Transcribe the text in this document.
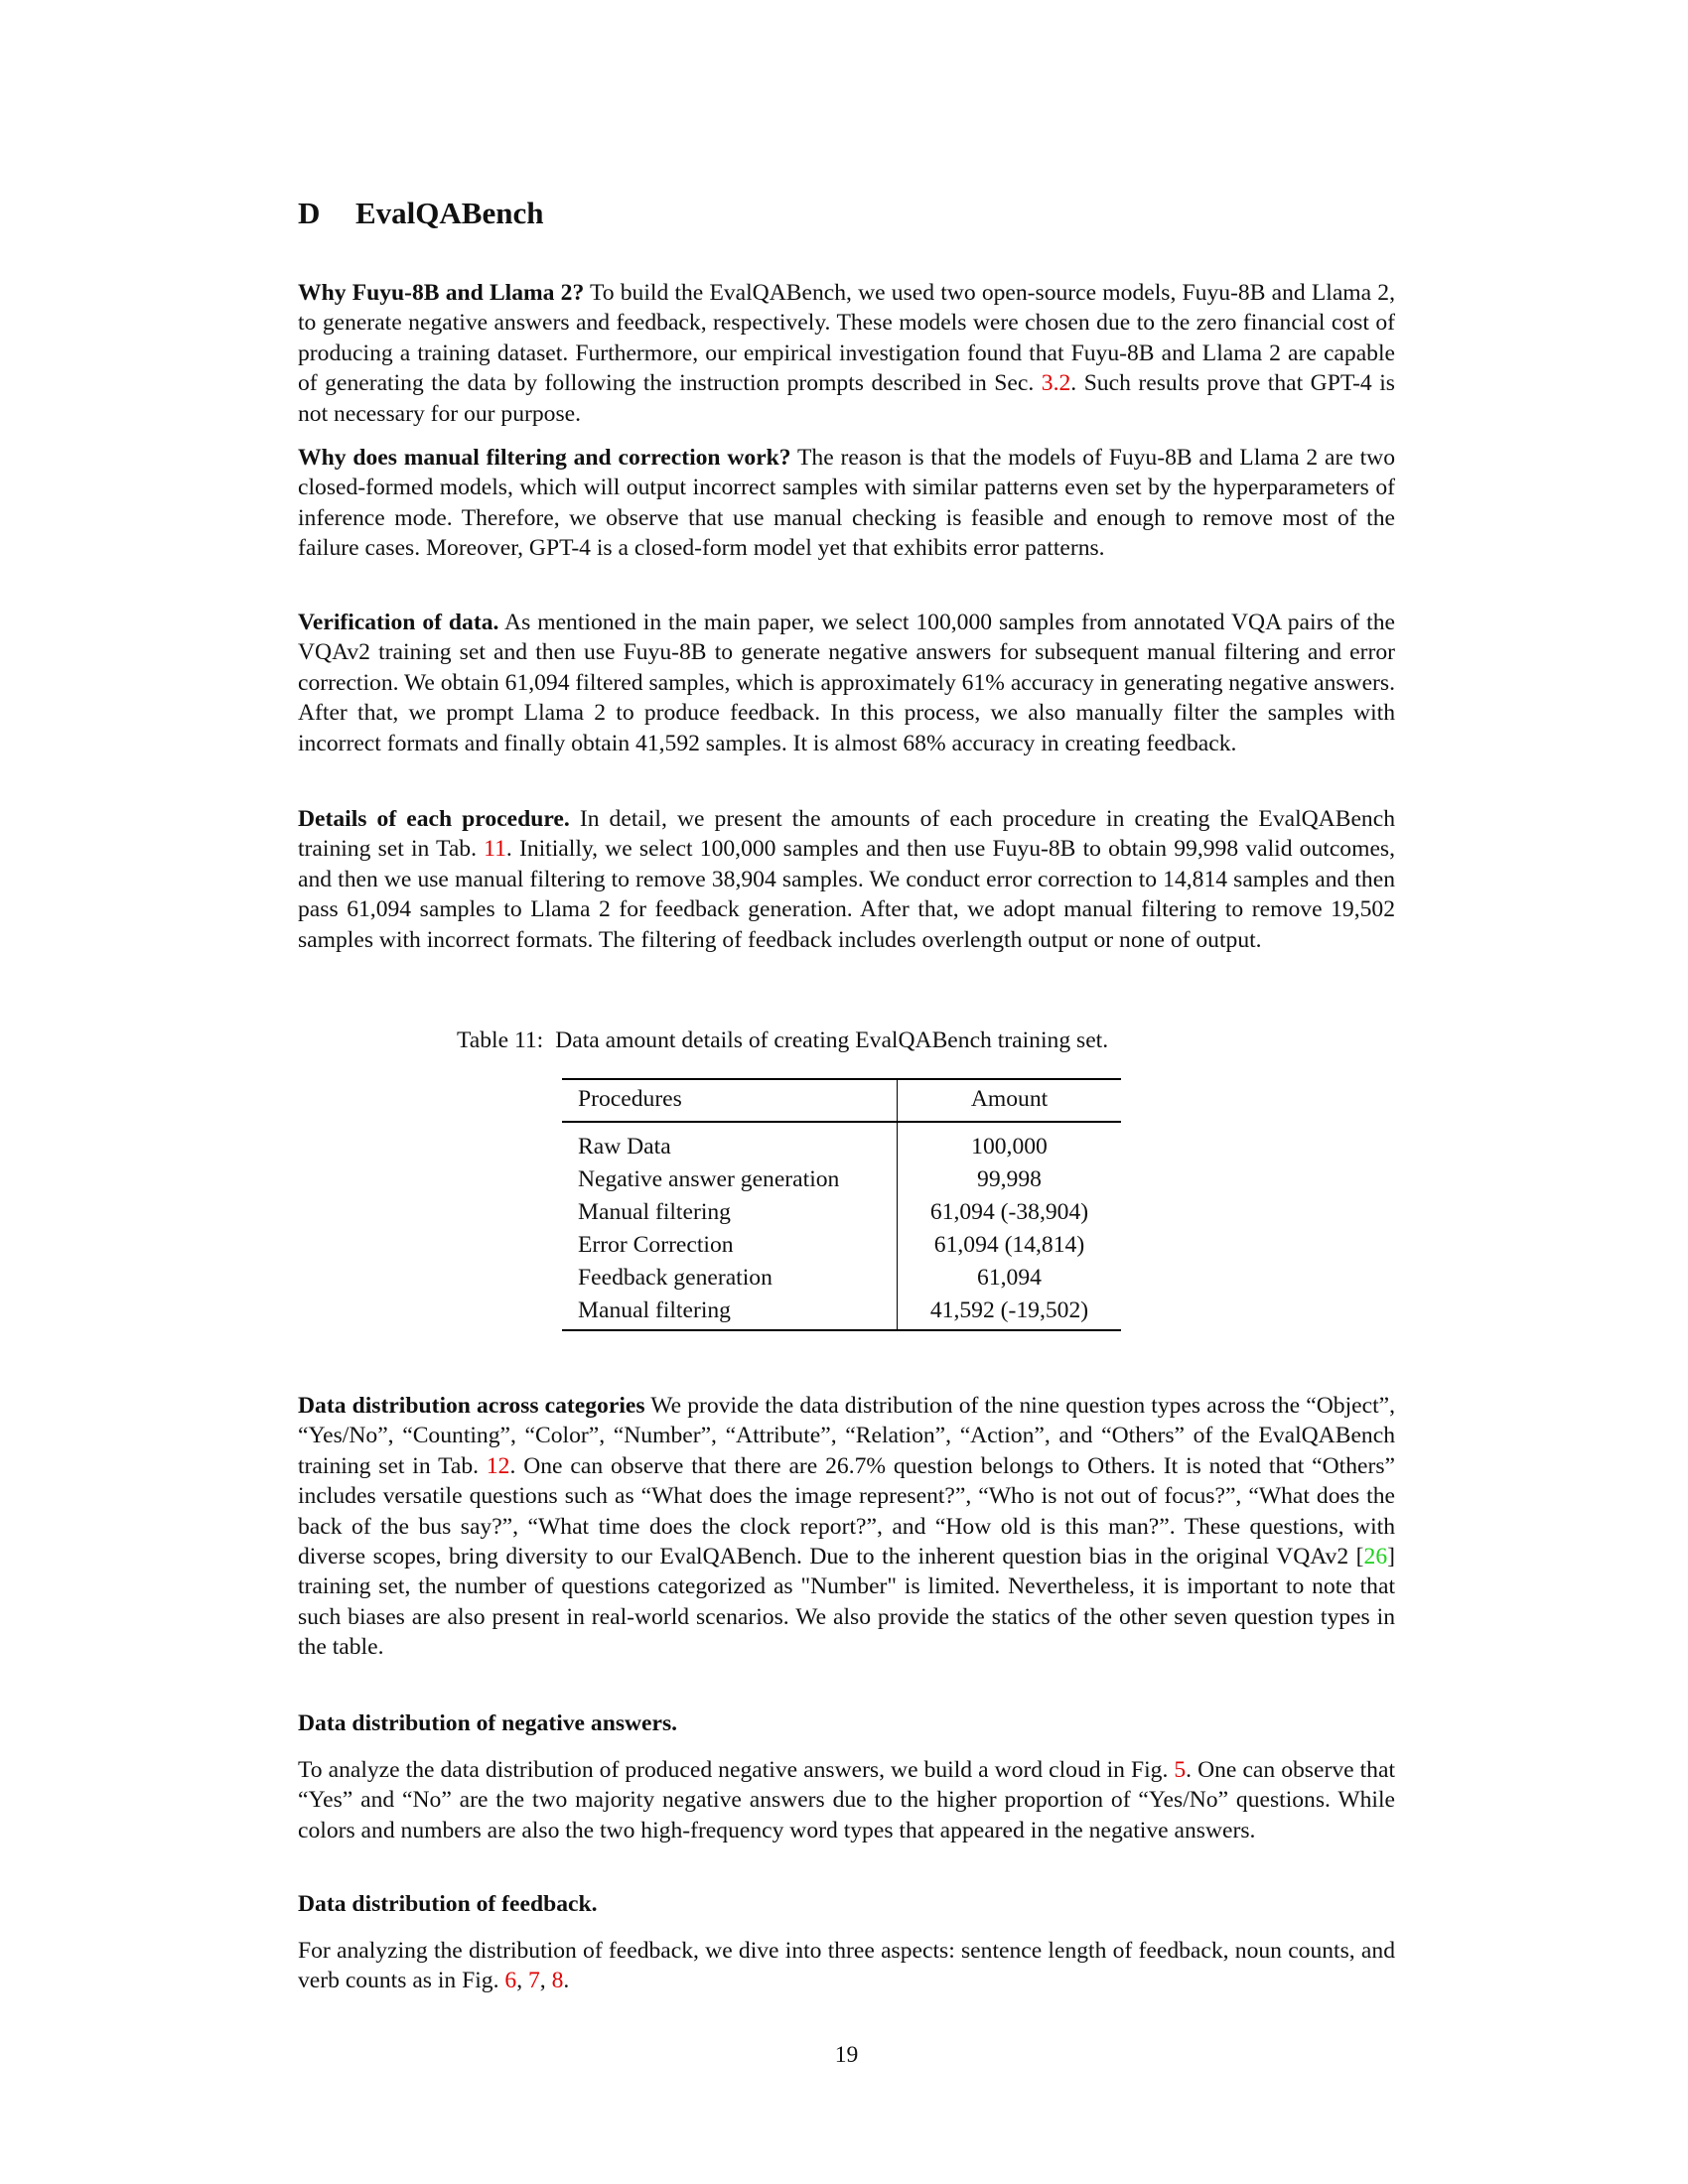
D EvalQABench

Why Fuyu-8B and Llama 2? To build the EvalQABench, we used two open-source models, Fuyu-8B and Llama 2, to generate negative answers and feedback, respectively. These models were chosen due to the zero financial cost of producing a training dataset. Furthermore, our empirical investigation found that Fuyu-8B and Llama 2 are capable of generating the data by following the instruction prompts described in Sec. 3.2. Such results prove that GPT-4 is not necessary for our purpose.

Why does manual filtering and correction work? The reason is that the models of Fuyu-8B and Llama 2 are two closed-formed models, which will output incorrect samples with similar patterns even set by the hyperparameters of inference mode. Therefore, we observe that use manual checking is feasible and enough to remove most of the failure cases. Moreover, GPT-4 is a closed-form model yet that exhibits error patterns.

Verification of data. As mentioned in the main paper, we select 100,000 samples from annotated VQA pairs of the VQAv2 training set and then use Fuyu-8B to generate negative answers for subsequent manual filtering and error correction. We obtain 61,094 filtered samples, which is approximately 61% accuracy in generating negative answers. After that, we prompt Llama 2 to produce feedback. In this process, we also manually filter the samples with incorrect formats and finally obtain 41,592 samples. It is almost 68% accuracy in creating feedback.

Details of each procedure. In detail, we present the amounts of each procedure in creating the EvalQABench training set in Tab. 11. Initially, we select 100,000 samples and then use Fuyu-8B to obtain 99,998 valid outcomes, and then we use manual filtering to remove 38,904 samples. We conduct error correction to 14,814 samples and then pass 61,094 samples to Llama 2 for feedback generation. After that, we adopt manual filtering to remove 19,502 samples with incorrect formats. The filtering of feedback includes overlength output or none of output.

Table 11: Data amount details of creating EvalQABench training set.
Procedures	Amount
Raw Data	100,000
Negative answer generation	99,998
Manual filtering	61,094 (-38,904)
Error Correction	61,094 (14,814)
Feedback generation	61,094
Manual filtering	41,592 (-19,502)

Data distribution across categories We provide the data distribution of the nine question types across the “Object”, “Yes/No”, “Counting”, “Color”, “Number”, “Attribute”, “Relation”, “Action”, and “Others” of the EvalQABench training set in Tab. 12. One can observe that there are 26.7% question belongs to Others. It is noted that “Others” includes versatile questions such as “What does the image represent?”, “Who is not out of focus?”, “What does the back of the bus say?”, “What time does the clock report?”, and “How old is this man?”. These questions, with diverse scopes, bring diversity to our EvalQABench. Due to the inherent question bias in the original VQAv2 [26] training set, the number of questions categorized as "Number" is limited. Nevertheless, it is important to note that such biases are also present in real-world scenarios. We also provide the statics of the other seven question types in the table.

Data distribution of negative answers.

To analyze the data distribution of produced negative answers, we build a word cloud in Fig. 5. One can observe that “Yes” and “No” are the two majority negative answers due to the higher proportion of “Yes/No” questions. While colors and numbers are also the two high-frequency word types that appeared in the negative answers.

Data distribution of feedback.

For analyzing the distribution of feedback, we dive into three aspects: sentence length of feedback, noun counts, and verb counts as in Fig. 6, 7, 8.

19
